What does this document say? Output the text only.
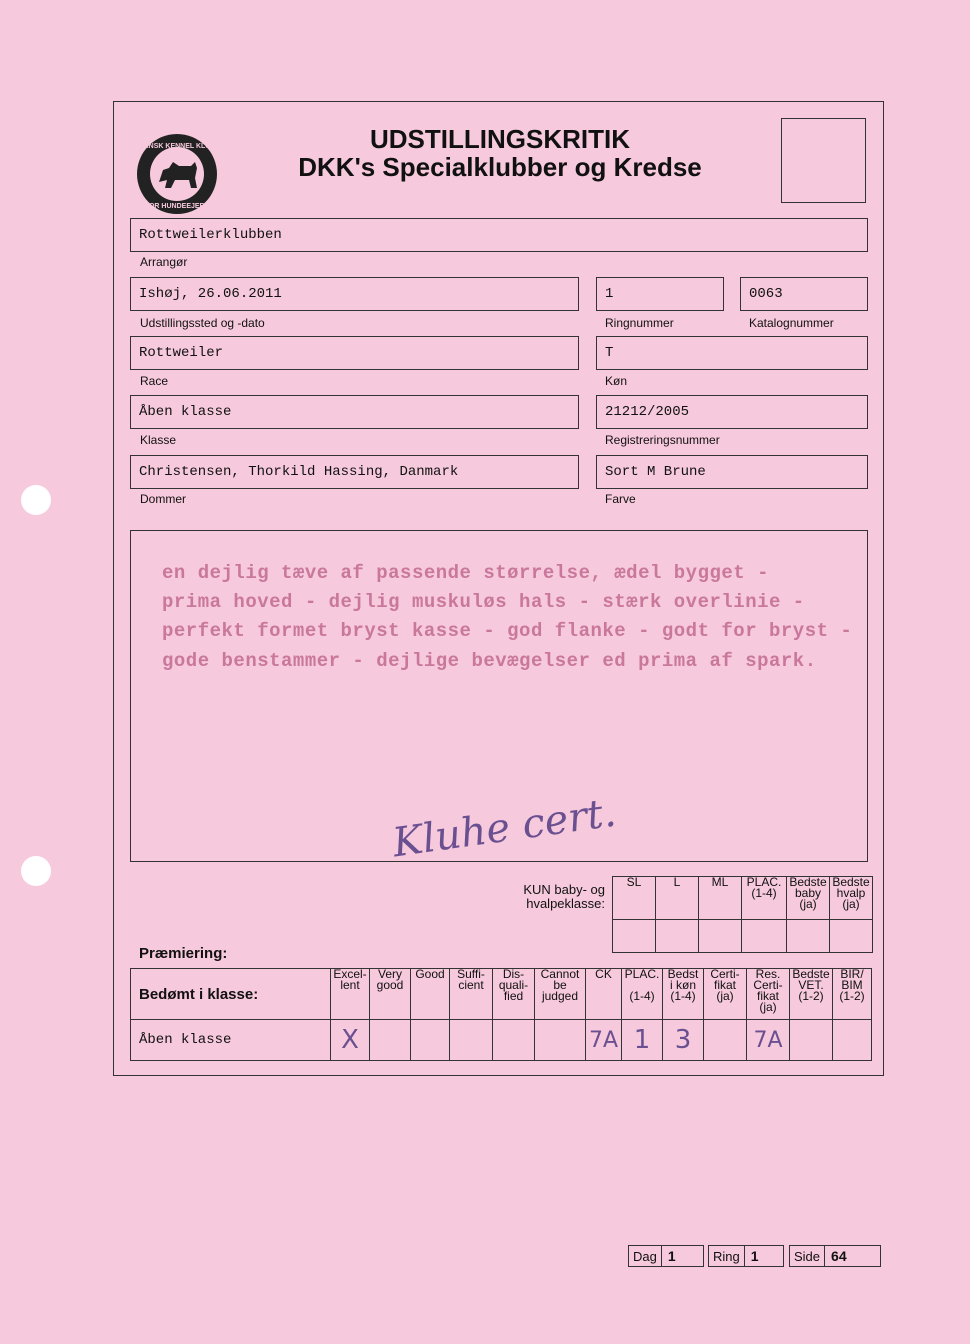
DANSK KENNEL KLUB
FOR HUNDEEJERE
UDSTILLINGSKRITIK
DKK's Specialklubber og Kredse
Rottweilerklubben
Arrangør
Ishøj, 26.06.2011
Udstillingssted og -dato
1
Ringnummer
0063
Katalognummer
Rottweiler
Race
T
Køn
Åben klasse
Klasse
21212/2005
Registreringsnummer
Christensen, Thorkild Hassing, Danmark
Dommer
Sort M Brune
Farve
en dejlig tæve af passende størrelse, ædel bygget -
prima hoved - dejlig muskuløs hals - stærk overlinie -
perfekt formet bryst kasse - god flanke - godt for bryst -
gode benstammer - dejlige bevægelser ed prima af spark.
Kluhe cert.
KUN baby- og hvalpeklasse:
SL	L	ML	PLAC.
(1-4)	Bedste
baby
(ja)	Bedste
hvalp
(ja)

Præmiering:
Bedømt i klasse:	Excel-
lent	Very
good	Good	Suffi-
cient	Dis-
quali-
fied	Cannot
be
judged	CK	PLAC.

(1-4)	Bedst
i køn
(1-4)	Certi-
fikat
(ja)	Res.
Certi-
fikat
(ja)	Bedste
VET.
(1-2)	BIR/
BIM
(1-2)
Åben klasse	X						7A	1	3		7A		
Dag 1	Ring 1	Side 64
